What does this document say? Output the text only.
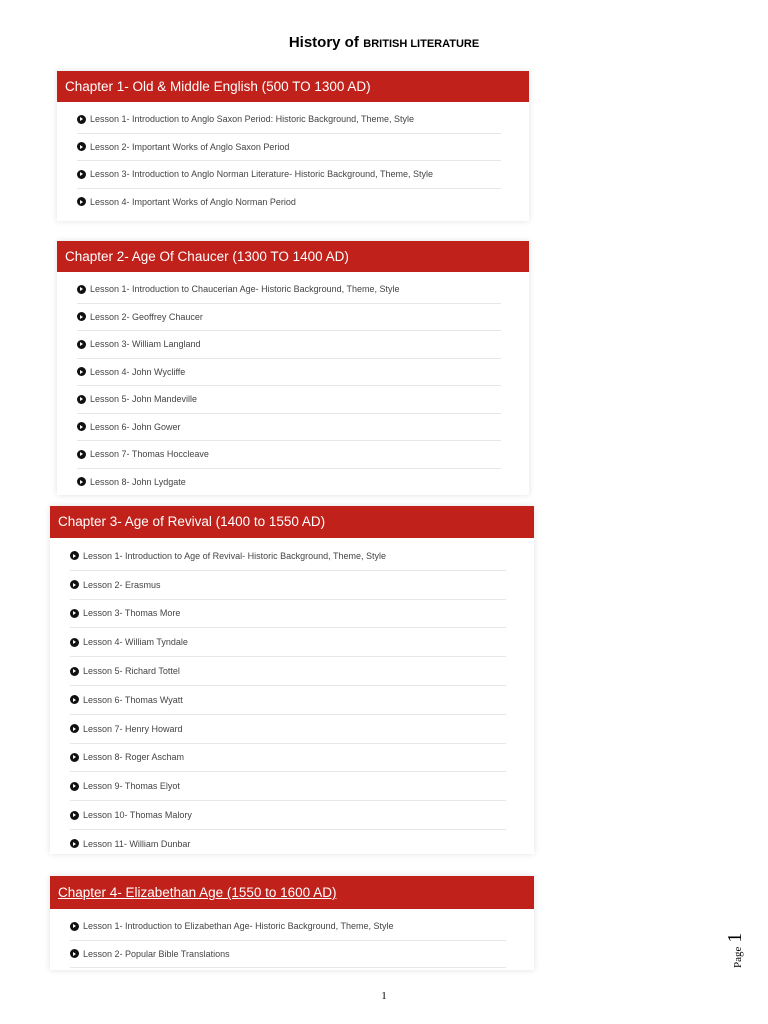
History of BRITISH LITERATURE
Chapter 1- Old & Middle English (500 TO 1300 AD)
Lesson 1- Introduction to Anglo Saxon Period: Historic Background, Theme, Style
Lesson 2- Important Works of Anglo Saxon Period
Lesson 3- Introduction to Anglo Norman Literature- Historic Background, Theme, Style
Lesson 4- Important Works of Anglo Norman Period
Chapter 2- Age Of Chaucer (1300 TO 1400 AD)
Lesson 1- Introduction to Chaucerian Age- Historic Background, Theme, Style
Lesson 2- Geoffrey Chaucer
Lesson 3- William Langland
Lesson 4- John Wycliffe
Lesson 5- John Mandeville
Lesson 6- John Gower
Lesson 7- Thomas Hoccleave
Lesson 8- John Lydgate
Chapter 3- Age of Revival (1400 to 1550 AD)
Lesson 1- Introduction to Age of Revival- Historic Background, Theme, Style
Lesson 2- Erasmus
Lesson 3- Thomas More
Lesson 4- William Tyndale
Lesson 5- Richard Tottel
Lesson 6- Thomas Wyatt
Lesson 7- Henry Howard
Lesson 8- Roger Ascham
Lesson 9- Thomas Elyot
Lesson 10- Thomas Malory
Lesson 11- William Dunbar
Chapter 4- Elizabethan Age (1550 to 1600 AD)
Lesson 1- Introduction to Elizabethan Age- Historic Background, Theme, Style
Lesson 2- Popular Bible Translations	Page 1
1
